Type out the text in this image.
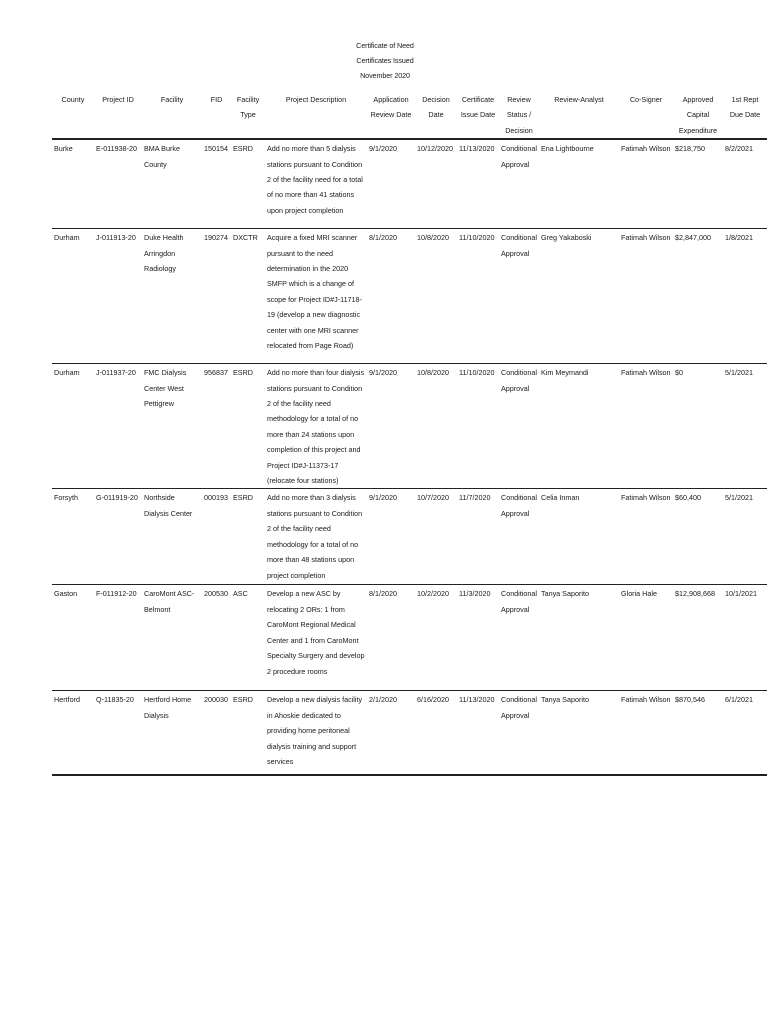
Certificate of Need
Certificates Issued
November 2020
County	Project ID	Facility	FID	Facility Type	Project Description	Application Review Date	Decision Date	Certificate Issue Date	Review Status / Decision	Review-Analyst	Co-Signer	Approved Capital Expenditure	1st Rept Due Date
Burke	E-011938-20	BMA Burke County	150154	ESRD	Add no more than 5 dialysis stations pursuant to Condition 2 of the facility need for a total of no more than 41 stations upon project completion	9/1/2020	10/12/2020	11/13/2020	Conditional Approval	Ena Lightbourne	Fatimah Wilson	$218,750	8/2/2021
Durham	J-011913-20	Duke Health Arringdon Radiology	190274	DXCTR	Acquire a fixed MRI scanner pursuant to the need determination in the 2020 SMFP which is a change of scope for Project ID#J-11718-19 (develop a new diagnostic center with one MRI scanner relocated from Page Road)	8/1/2020	10/8/2020	11/10/2020	Conditional Approval	Greg Yakaboski	Fatimah Wilson	$2,847,000	1/8/2021
Durham	J-011937-20	FMC Dialysis Center West Pettigrew	956837	ESRD	Add no more than four dialysis stations pursuant to Condition 2 of the facility need methodology for a total of no more than 24 stations upon completion of this project and Project ID#J-11373-17 (relocate four stations)	9/1/2020	10/8/2020	11/10/2020	Conditional Approval	Kim Meymandi	Fatimah Wilson	$0	5/1/2021
Forsyth	G-011919-20	Northside Dialysis Center	000193	ESRD	Add no more than 3 dialysis stations pursuant to Condition 2 of the facility need methodology for a total of no more than 48 stations upon project completion	9/1/2020	10/7/2020	11/7/2020	Conditional Approval	Celia Inman	Fatimah Wilson	$60,400	5/1/2021
Gaston	F-011912-20	CaroMont ASC-Belmont	200530	ASC	Develop a new ASC by relocating 2 ORs: 1 from CaroMont Regional Medical Center and 1 from CaroMont Specialty Surgery and develop 2 procedure rooms	8/1/2020	10/2/2020	11/3/2020	Conditional Approval	Tanya Saporito	Gloria Hale	$12,908,668	10/1/2021
Hertford	Q-11835-20	Hertford Home Dialysis	200030	ESRD	Develop a new dialysis facility in Ahoskie dedicated to providing home peritoneal dialysis training and support services	2/1/2020	6/16/2020	11/13/2020	Conditional Approval	Tanya Saporito	Fatimah Wilson	$870,546	6/1/2021
